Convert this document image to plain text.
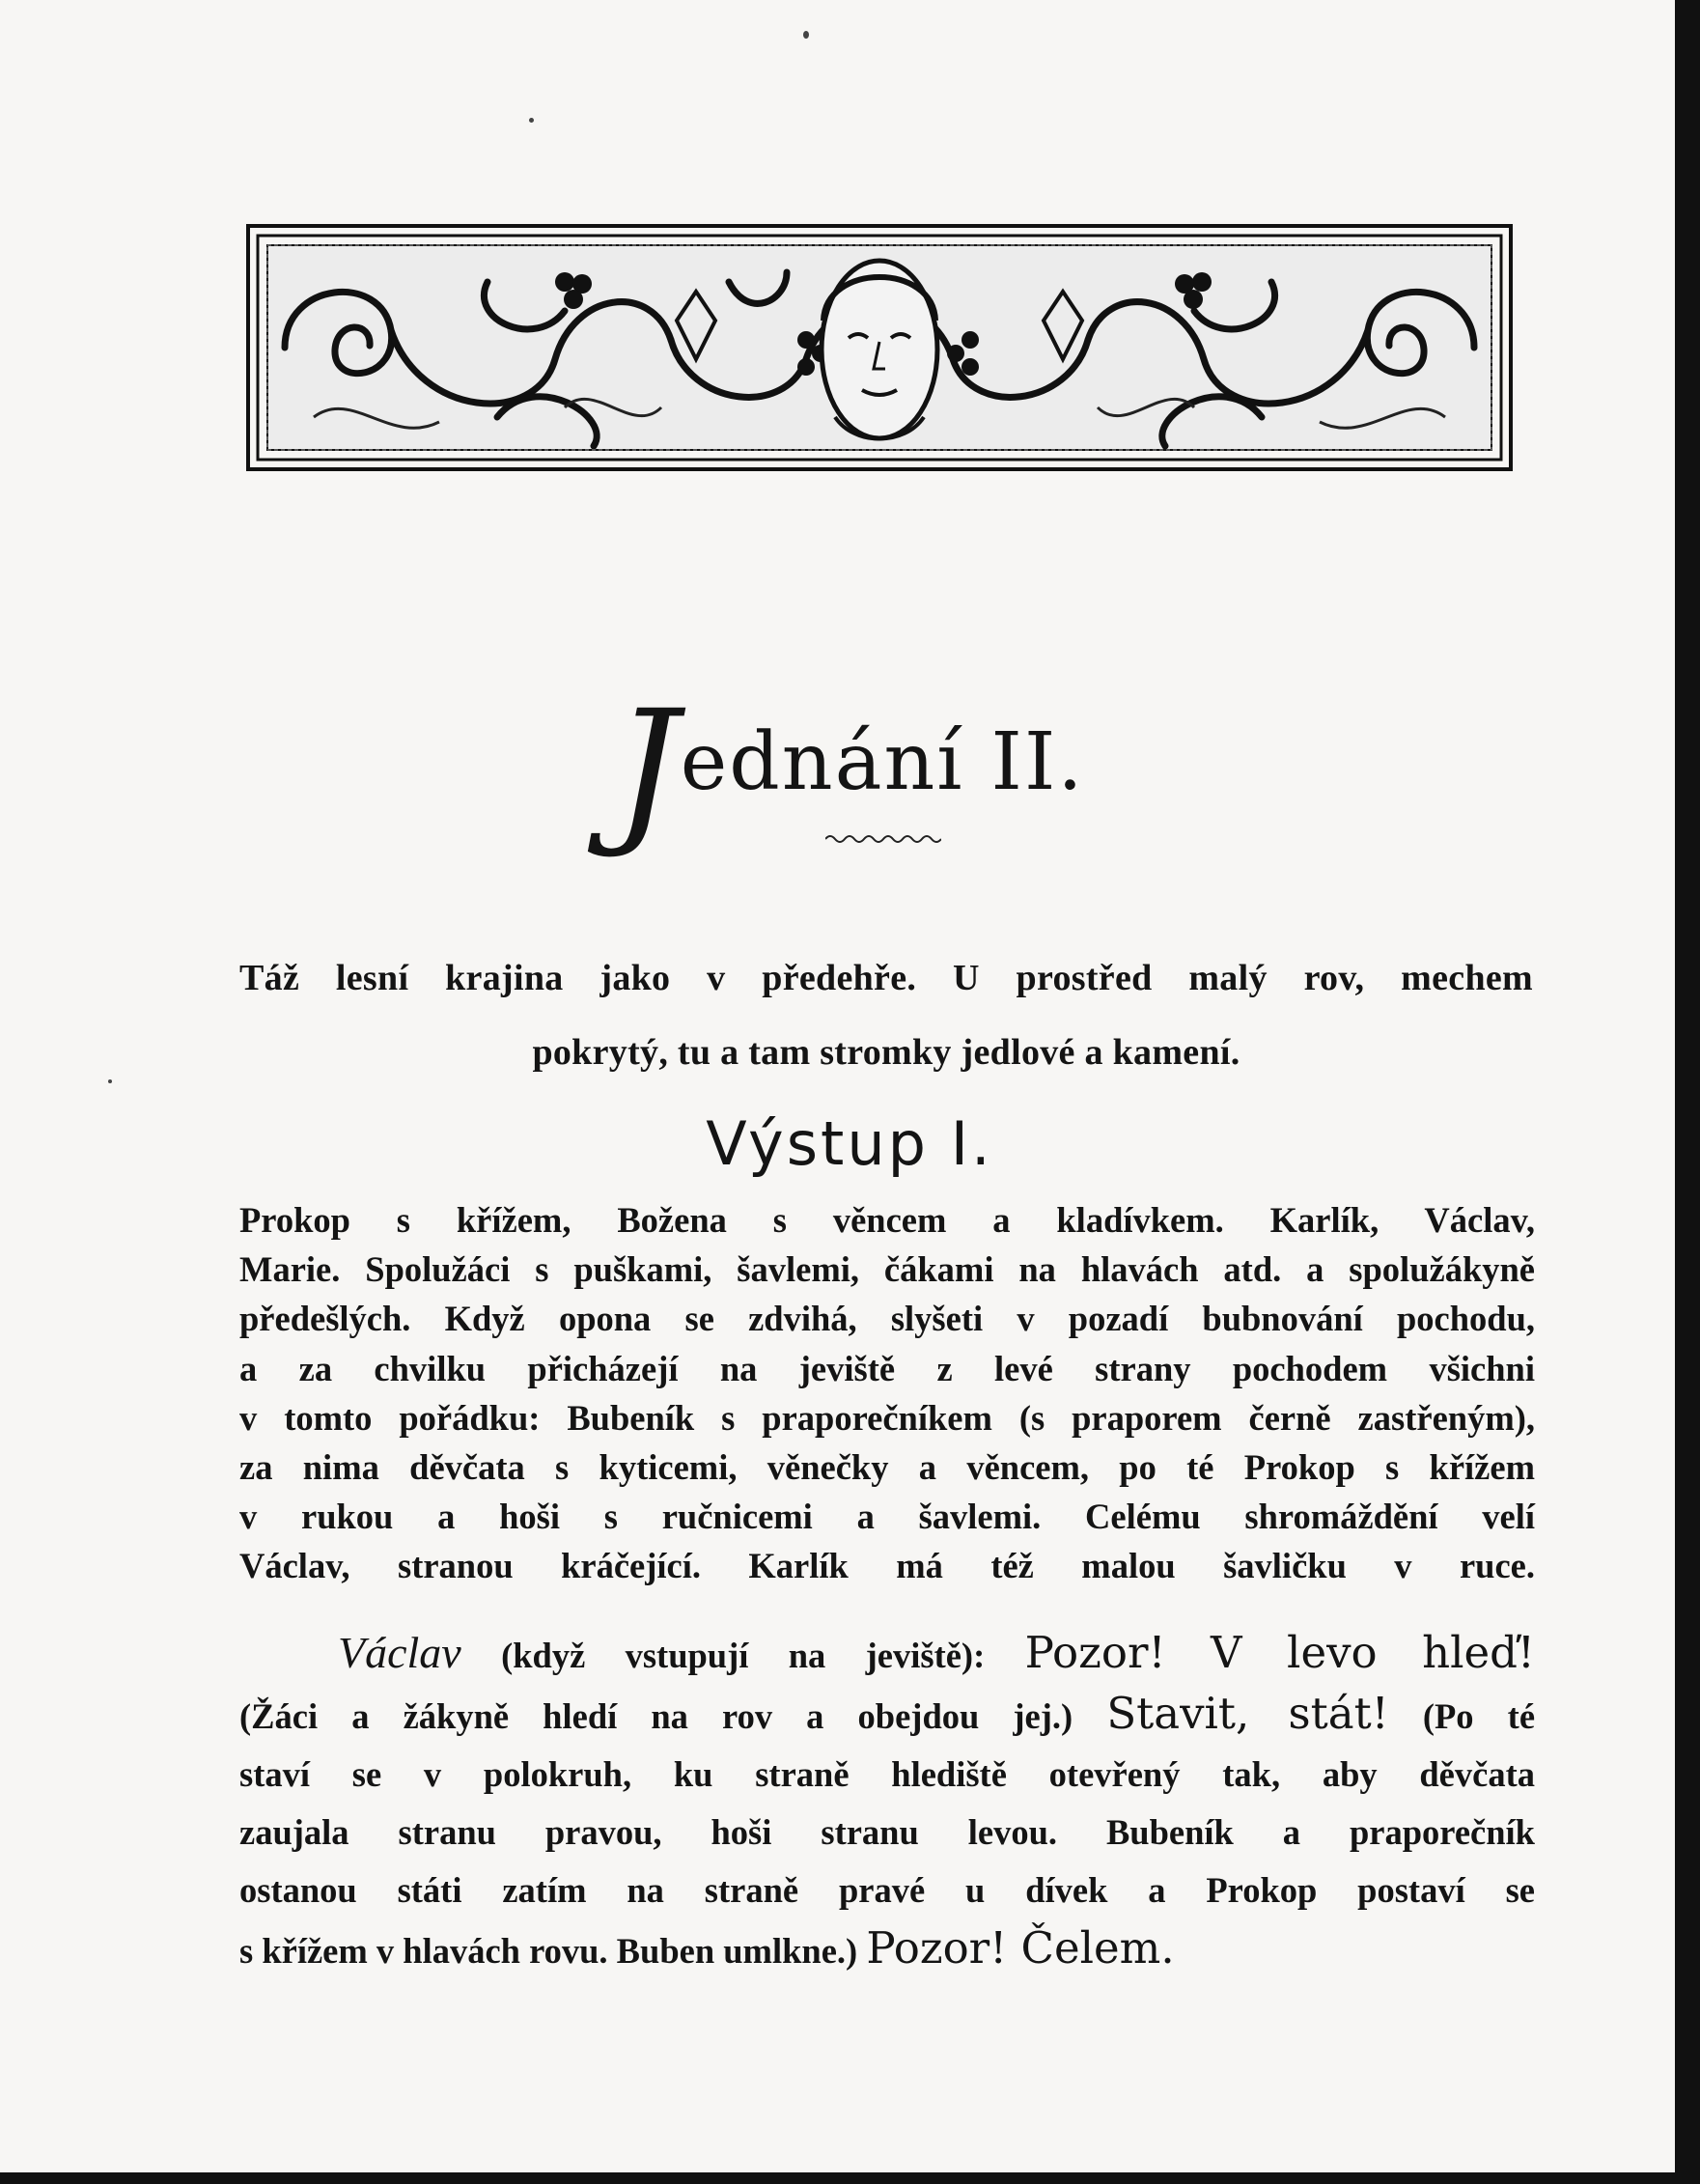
J ednání II.
Táž lesní krajina jako v předehře. U prostřed malý rov, mechem
pokrytý, tu a tam stromky jedlové a kamení.
Výstup I.
Prokop s křížem, Božena s věncem a kladívkem. Karlík, Václav,
Marie. Spolužáci s puškami, šavlemi, čákami na hlavách atd. a spolužákyně
předešlých. Když opona se zdvihá, slyšeti v pozadí bubnování pochodu,
a za chvilku přicházejí na jeviště z levé strany pochodem všichni
v tomto pořádku: Bubeník s praporečníkem (s praporem černě zastřeným),
za nima děvčata s kyticemi, věnečky a věncem, po té Prokop s křížem
v rukou a hoši s ručnicemi a šavlemi. Celému shromáždění velí
Václav, stranou kráčející. Karlík má též malou šavličku v ruce.
Václav (když vstupují na jeviště): Pozor! V levo hleď!
(Žáci a žákyně hledí na rov a obejdou jej.) Stavit, stát! (Po té
staví se v polokruh, ku straně hlediště otevřený tak, aby děvčata
zaujala stranu pravou, hoši stranu levou. Bubeník a praporečník
ostanou státi zatím na straně pravé u dívek a Prokop postaví se
s křížem v hlavách rovu. Buben umlkne.) Pozor! Čelem.
